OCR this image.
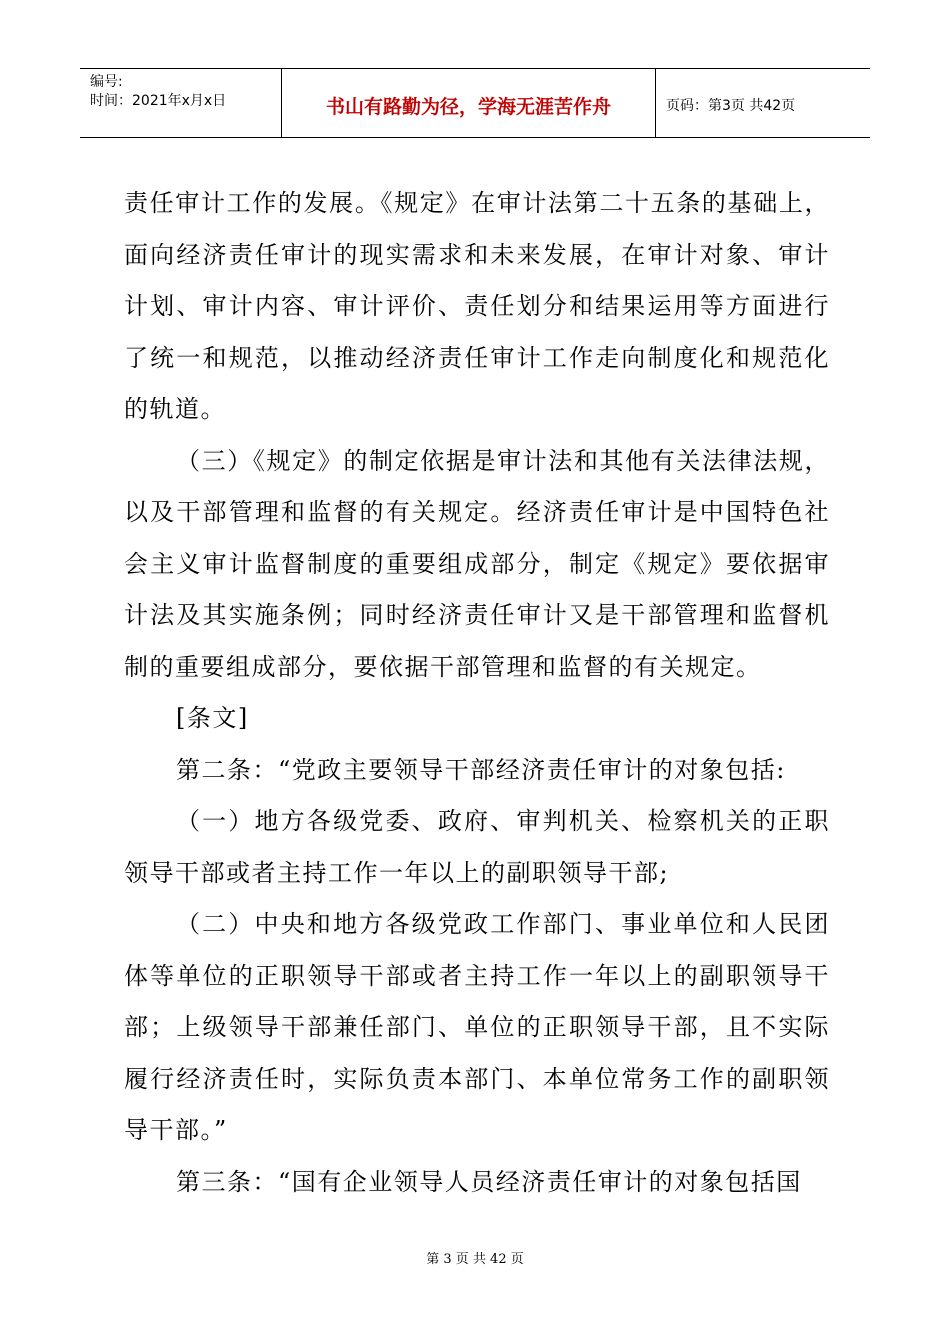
编号:
时间：2021年x月x日	书山有路勤为径，学海无涯苦作舟	页码：第3页 共42页

责任审计工作的发展。《规定》在审计法第二十五条的基础上，面向经济责任审计的现实需求和未来发展，在审计对象、审计计划、审计内容、审计评价、责任划分和结果运用等方面进行了统一和规范，以推动经济责任审计工作走向制度化和规范化的轨道。

（三）《规定》的制定依据是审计法和其他有关法律法规，以及干部管理和监督的有关规定。经济责任审计是中国特色社会主义审计监督制度的重要组成部分，制定《规定》要依据审计法及其实施条例；同时经济责任审计又是干部管理和监督机制的重要组成部分，要依据干部管理和监督的有关规定。

[条文]

第二条：“党政主要领导干部经济责任审计的对象包括:

（一）地方各级党委、政府、审判机关、检察机关的正职领导干部或者主持工作一年以上的副职领导干部;

（二）中央和地方各级党政工作部门、事业单位和人民团体等单位的正职领导干部或者主持工作一年以上的副职领导干部；上级领导干部兼任部门、单位的正职领导干部，且不实际履行经济责任时，实际负责本部门、本单位常务工作的副职领导干部。”

第三条：“国有企业领导人员经济责任审计的对象包括国

第 3 页 共 42 页
